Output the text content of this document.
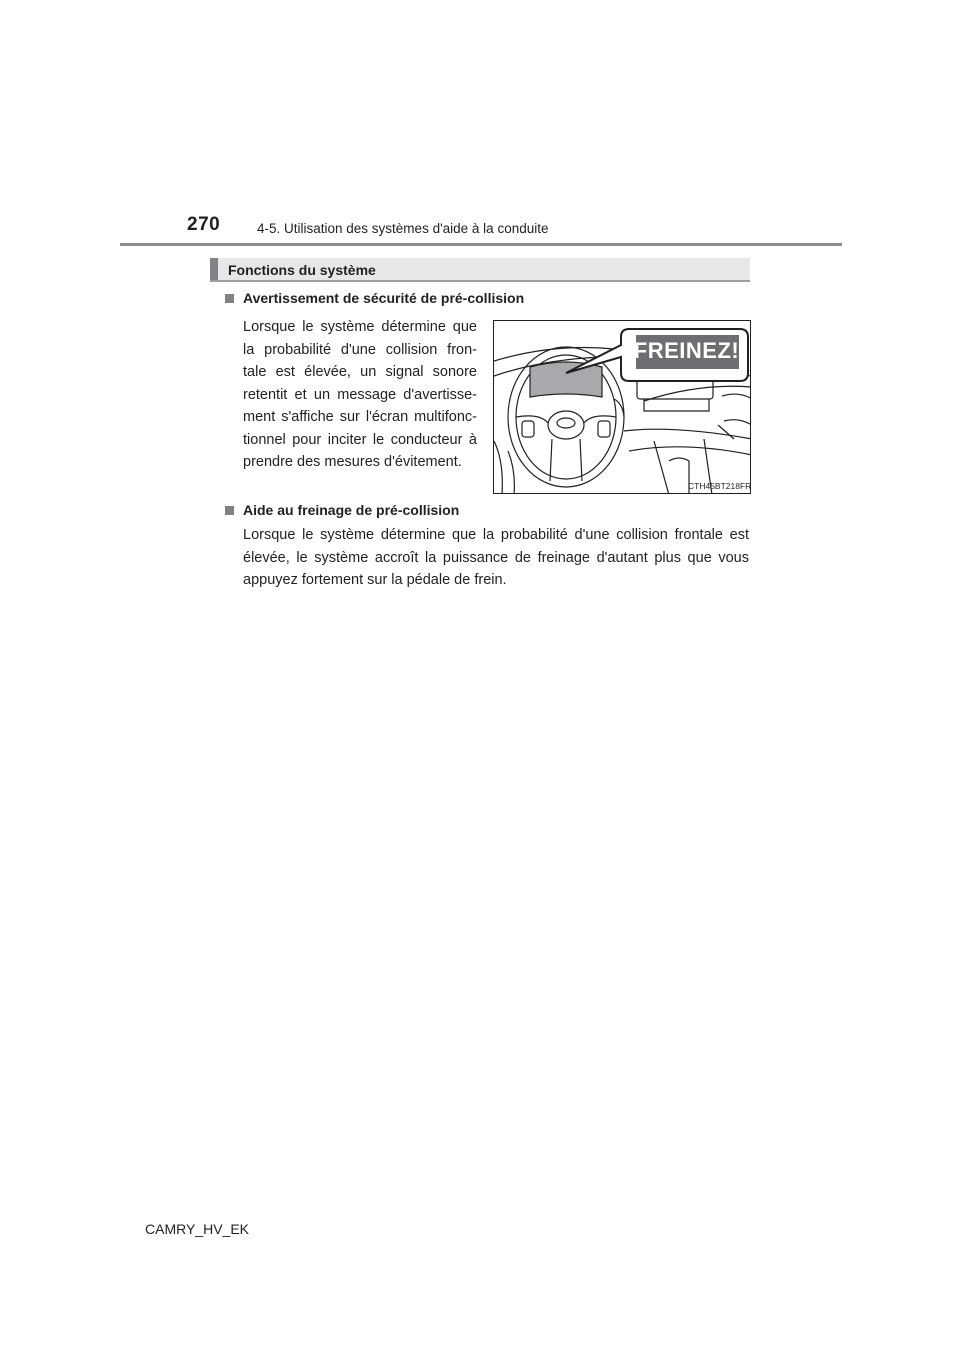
270	4-5. Utilisation des systèmes d'aide à la conduite
Fonctions du système
Avertissement de sécurité de pré-collision
Lorsque le système détermine que la probabilité d'une collision fron-tale est élevée, un signal sonore retentit et un message d'avertisse-ment s'affiche sur l'écran multifonc-tionnel pour inciter le conducteur à prendre des mesures d'évitement.
FREINEZ!
CTH45BT218FR
Aide au freinage de pré-collision
Lorsque le système détermine que la probabilité d'une collision frontale est élevée, le système accroît la puissance de freinage d'autant plus que vous appuyez fortement sur la pédale de frein.
CAMRY_HV_EK
